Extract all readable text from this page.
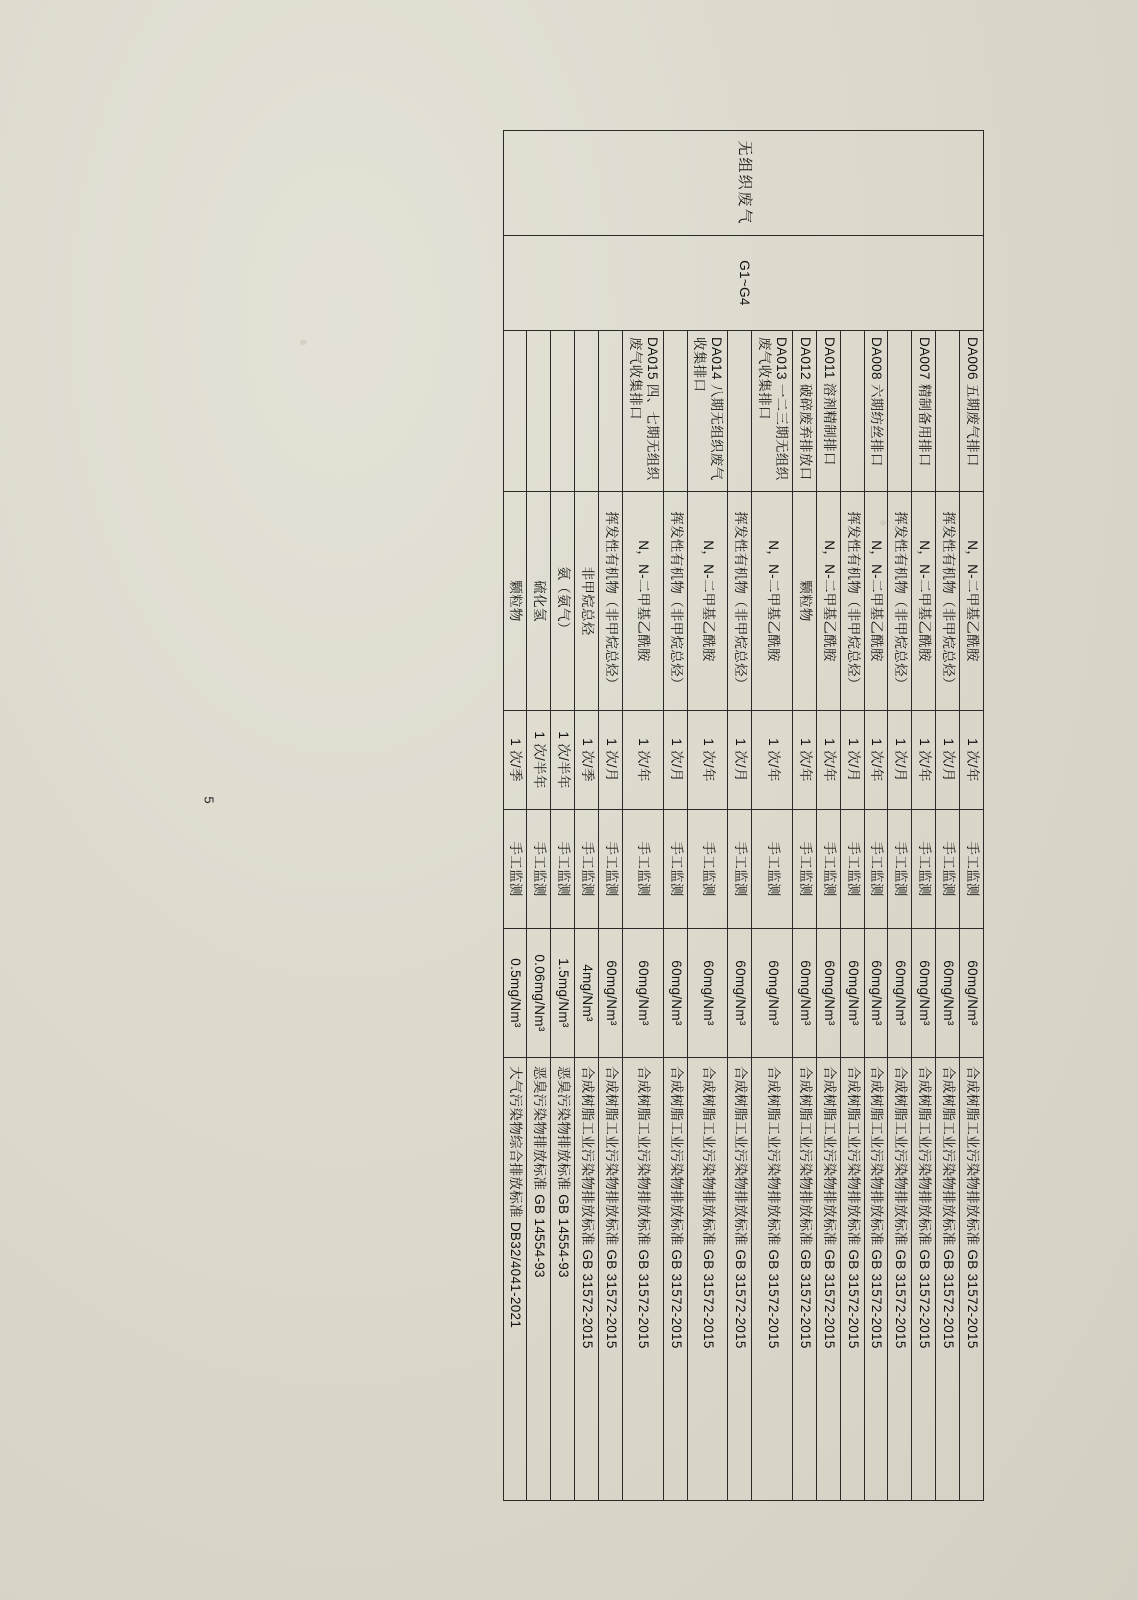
无组织废气	G1~G4	DA006 五期废气排口	N，N-二甲基乙酰胺	1 次/年	手工监测	60mg/Nm³	合成树脂工业污染物排放标准 GB 31572-2015
			挥发性有机物（非甲烷总烃）	1 次/月	手工监测	60mg/Nm³	合成树脂工业污染物排放标准 GB 31572-2015
		DA007 精制备用排口	N，N-二甲基乙酰胺	1 次/年	手工监测	60mg/Nm³	合成树脂工业污染物排放标准 GB 31572-2015
			挥发性有机物（非甲烷总烃）	1 次/月	手工监测	60mg/Nm³	合成树脂工业污染物排放标准 GB 31572-2015
		DA008 六期纺丝排口	N，N-二甲基乙酰胺	1 次/年	手工监测	60mg/Nm³	合成树脂工业污染物排放标准 GB 31572-2015
			挥发性有机物（非甲烷总烃）	1 次/月	手工监测	60mg/Nm³	合成树脂工业污染物排放标准 GB 31572-2015
		DA011 溶剂精制排口	N，N-二甲基乙酰胺	1 次/年	手工监测	60mg/Nm³	合成树脂工业污染物排放标准 GB 31572-2015
		DA012 破碎废弃排放口	颗粒物	1 次/年	手工监测	60mg/Nm³	合成树脂工业污染物排放标准 GB 31572-2015
		DA013 一二三期无组织废气收集排口	N，N-二甲基乙酰胺	1 次/年	手工监测	60mg/Nm³	合成树脂工业污染物排放标准 GB 31572-2015
			挥发性有机物（非甲烷总烃）	1 次/月	手工监测	60mg/Nm³	合成树脂工业污染物排放标准 GB 31572-2015
		DA014 八期无组织废气收集排口	N，N-二甲基乙酰胺	1 次/年	手工监测	60mg/Nm³	合成树脂工业污染物排放标准 GB 31572-2015
			挥发性有机物（非甲烷总烃）	1 次/月	手工监测	60mg/Nm³	合成树脂工业污染物排放标准 GB 31572-2015
		DA015 四、七期无组织废气收集排口	N，N-二甲基乙酰胺	1 次/年	手工监测	60mg/Nm³	合成树脂工业污染物排放标准 GB 31572-2015
			挥发性有机物（非甲烷总烃）	1 次/月	手工监测	60mg/Nm³	合成树脂工业污染物排放标准 GB 31572-2015
			非甲烷总烃	1 次/季	手工监测	4mg/Nm³	合成树脂工业污染物排放标准 GB 31572-2015
			氨（氨气）	1 次/半年	手工监测	1.5mg/Nm³	恶臭污染物排放标准 GB 14554-93
			硫化氢	1 次/半年	手工监测	0.06mg/Nm³	恶臭污染物排放标准 GB 14554-93
			颗粒物	1 次/季	手工监测	0.5mg/Nm³	大气污染物综合排放标准 DB32/4041-2021
5
